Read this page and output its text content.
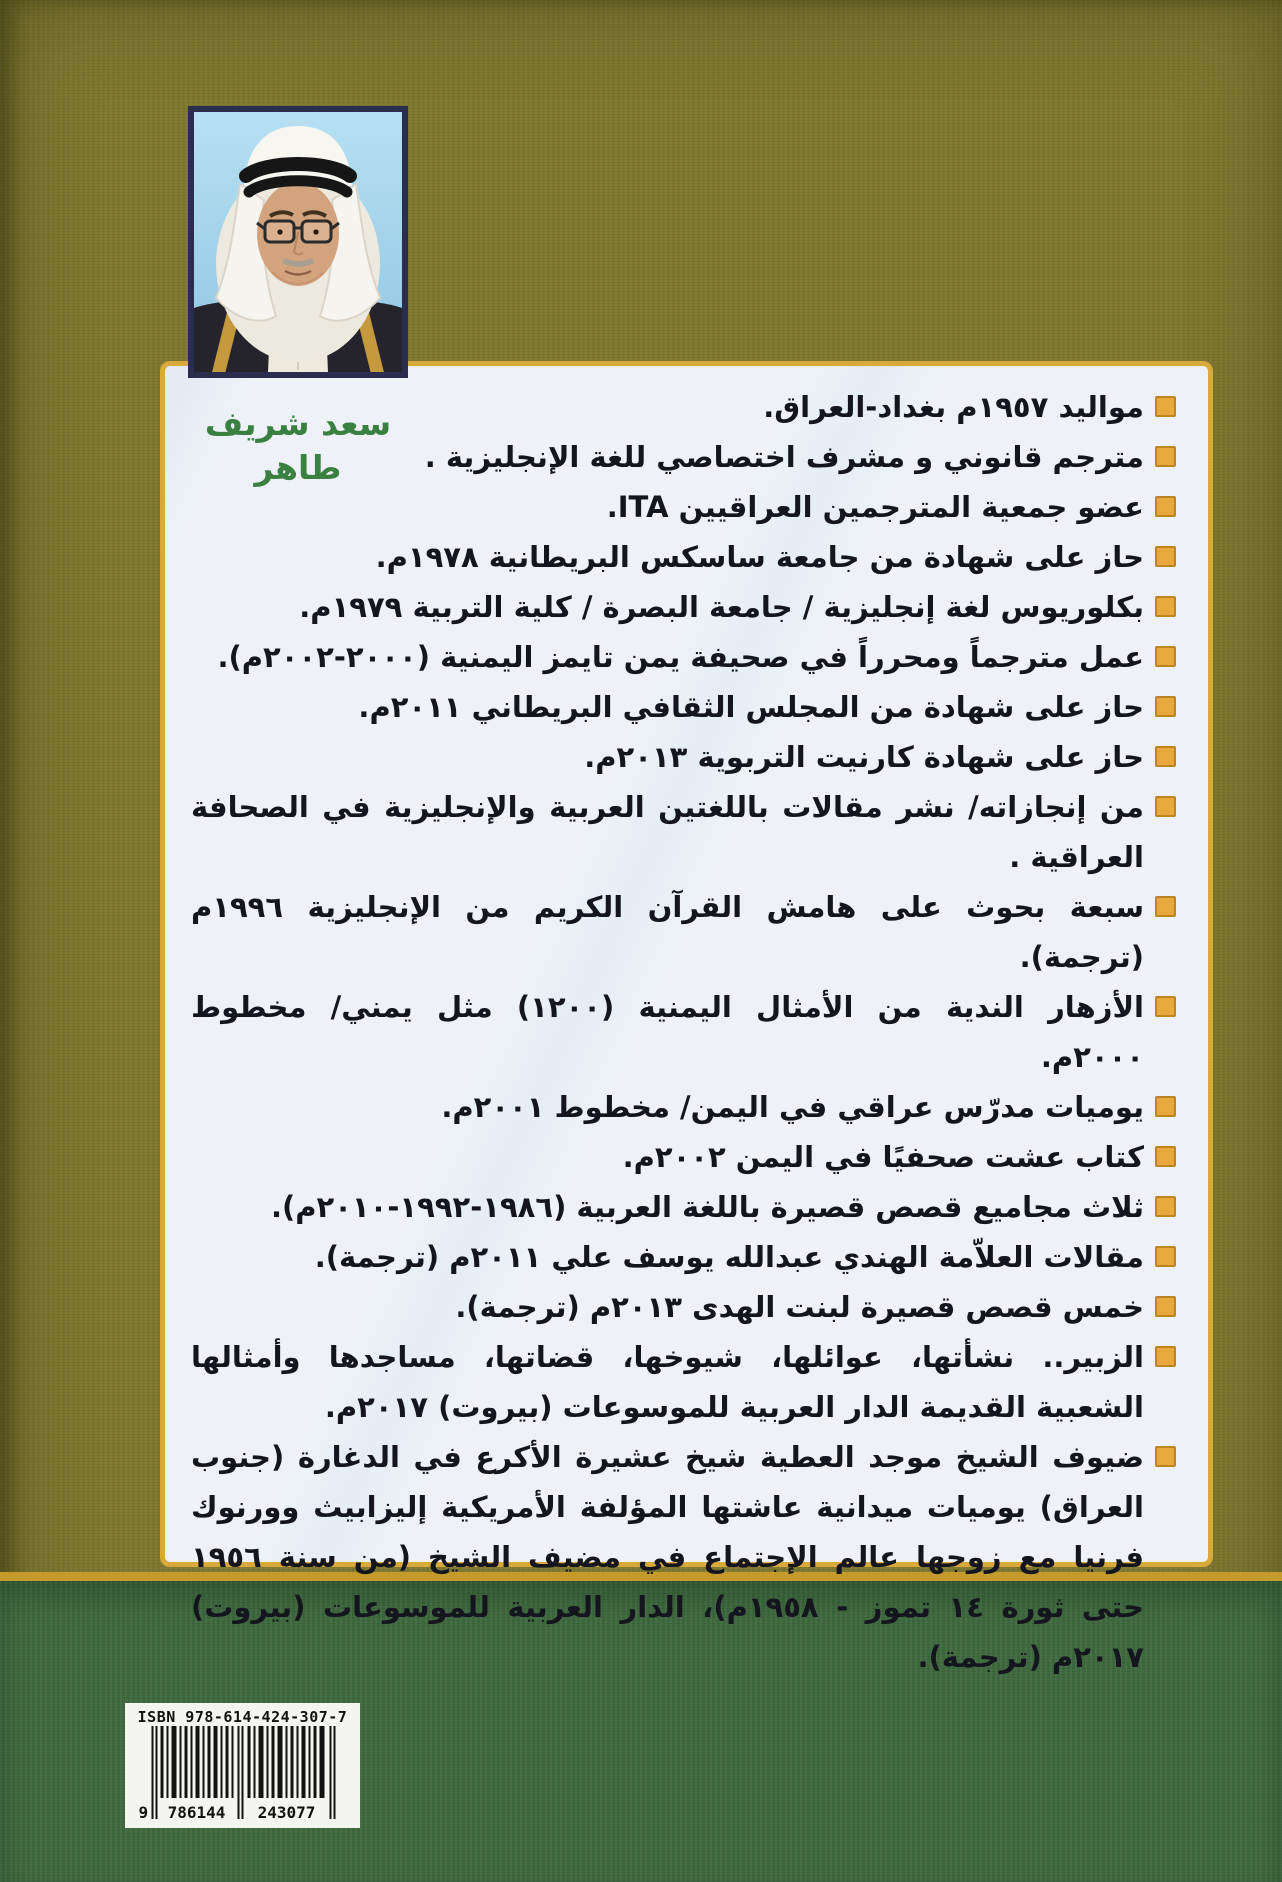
سعد شريف طاهر
مواليد ١٩٥٧م بغداد-العراق.
مترجم قانوني و مشرف اختصاصي للغة الإنجليزية .
عضو جمعية المترجمين العراقيين ITA.
حاز على شهادة من جامعة ساسكس البريطانية ١٩٧٨م.
بكلوريوس لغة إنجليزية / جامعة البصرة / كلية التربية ١٩٧٩م.
عمل مترجماً ومحرراً في صحيفة يمن تايمز اليمنية (٢٠٠٠-٢٠٠٢م).
حاز على شهادة من المجلس الثقافي البريطاني ٢٠١١م.
حاز على شهادة كارنيت التربوية ٢٠١٣م.
من إنجازاته/ نشر مقالات باللغتين العربية والإنجليزية في الصحافة العراقية .
سبعة بحوث على هامش القرآن الكريم من الإنجليزية ١٩٩٦م (ترجمة).
الأزهار الندية من الأمثال اليمنية (١٢٠٠) مثل يمني/ مخطوط ٢٠٠٠م.
يوميات مدرّس عراقي في اليمن/ مخطوط ٢٠٠١م.
كتاب عشت صحفيًا في اليمن ٢٠٠٢م.
ثلاث مجاميع قصص قصيرة باللغة العربية (١٩٨٦-١٩٩٢-٢٠١٠م).
مقالات العلاّمة الهندي عبدالله يوسف علي ٢٠١١م (ترجمة).
خمس قصص قصيرة لبنت الهدى ٢٠١٣م (ترجمة).
الزبير.. نشأتها، عوائلها، شيوخها، قضاتها، مساجدها وأمثالها الشعبية القديمة الدار العربية للموسوعات (بيروت) ٢٠١٧م.
ضيوف الشيخ موجد العطية شيخ عشيرة الأكرع في الدغارة (جنوب العراق) يوميات ميدانية عاشتها المؤلفة الأمريكية إليزابيث وورنوك فرنيا مع زوجها عالم الإجتماع في مضيف الشيخ (من سنة ١٩٥٦ حتى ثورة ١٤ تموز - ١٩٥٨م)، الدار العربية للموسوعات (بيروت) ٢٠١٧م (ترجمة).
ISBN 978-614-424-307-7
9 786144 243077
